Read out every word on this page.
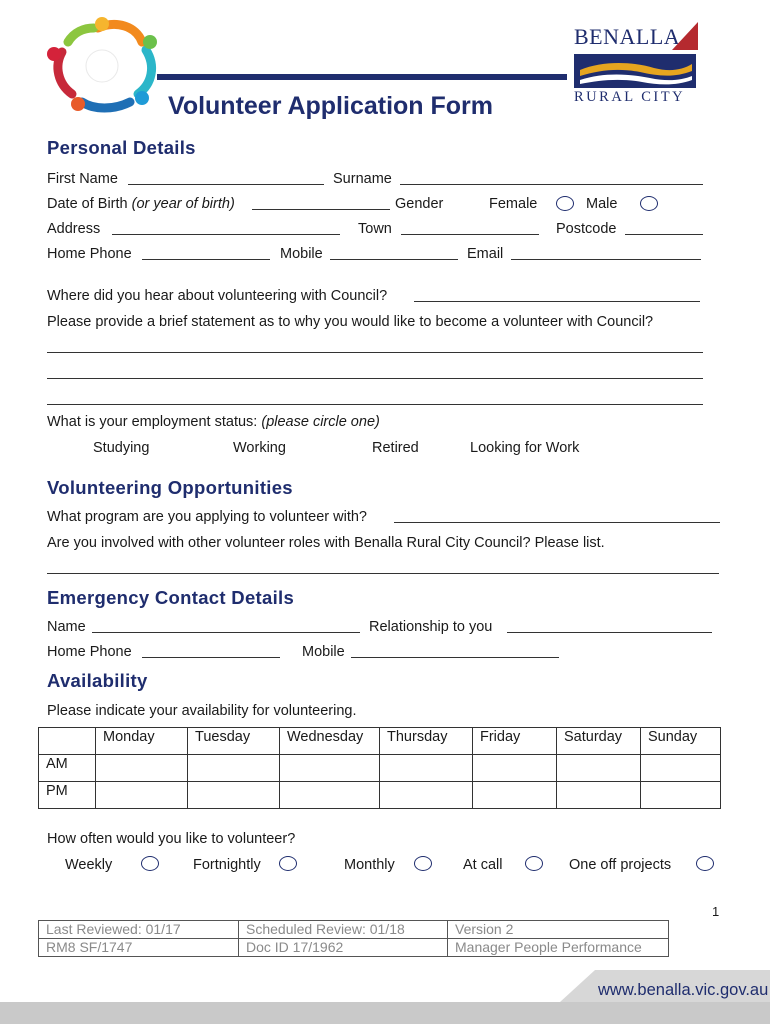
Volunteer Application Form
BENALLA
RURAL CITY
Personal Details
First Name	Surname
Date of Birth (or year of birth)	Gender	Female	Male
Address	Town	Postcode
Home Phone	Mobile	Email
Where did you hear about volunteering with Council?
Please provide a brief statement as to why you would like to become a volunteer with Council?
What is your employment status: (please circle one)
Studying	Working	Retired	Looking for Work
Volunteering Opportunities
What program are you applying to volunteer with?
Are you involved with other volunteer roles with Benalla Rural City Council? Please list.
Emergency Contact Details
Name	Relationship to you
Home Phone	Mobile
Availability
Please indicate your availability for volunteering.
	Monday	Tuesday	Wednesday	Thursday	Friday	Saturday	Sunday
AM							
PM							
How often would you like to volunteer?
Weekly	Fortnightly	Monthly	At call	One off projects
1
Last Reviewed: 01/17	Scheduled Review: 01/18	Version 2
RM8 SF/1747	Doc ID 17/1962	Manager People Performance
www.benalla.vic.gov.au
